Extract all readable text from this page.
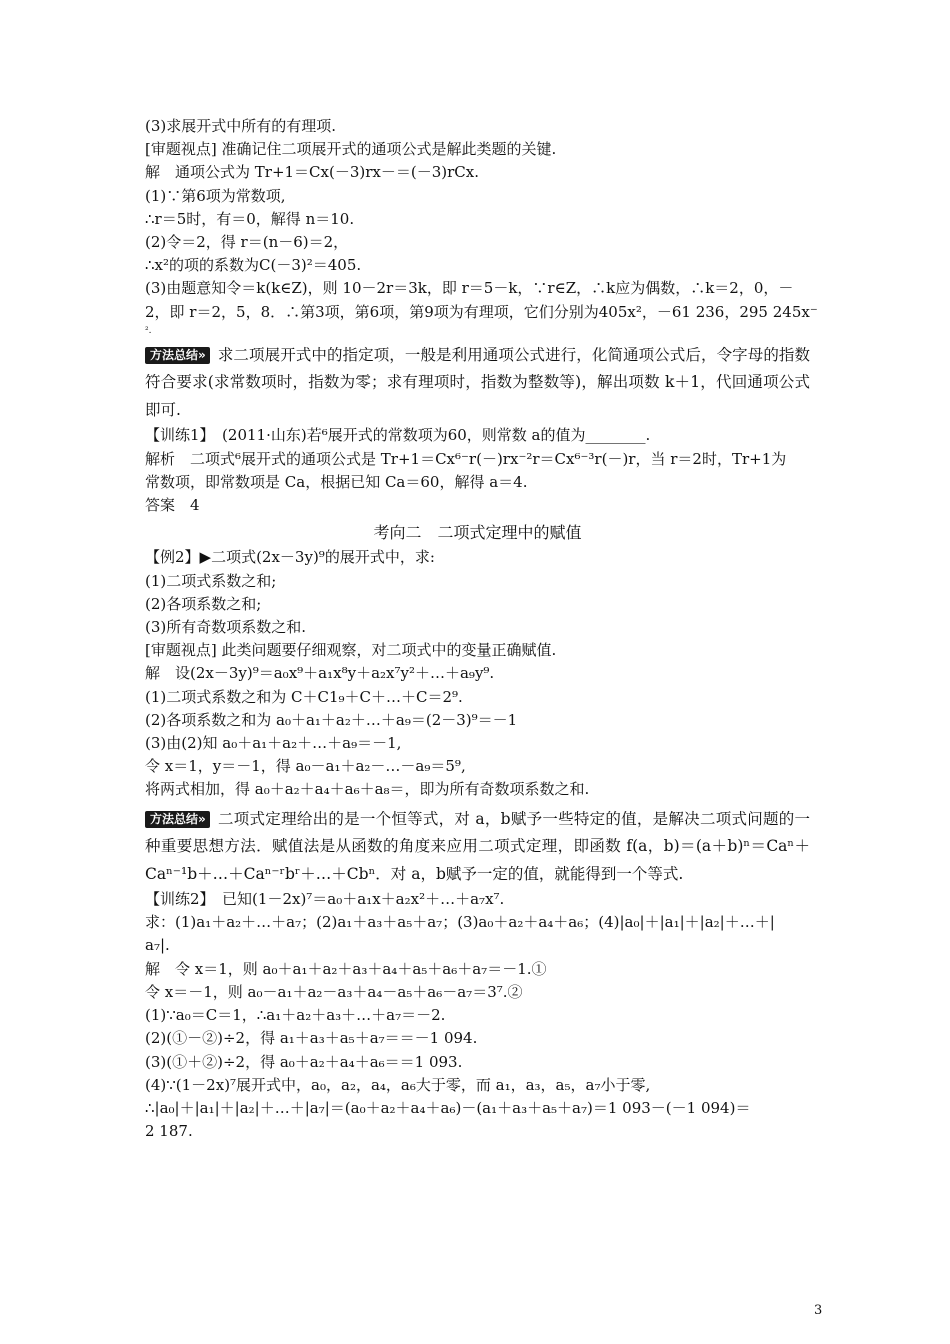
(3)求展开式中所有的有理项.

[审题视点] 准确记住二项展开式的通项公式是解此类题的关键.

解　通项公式为 Tr+1＝Cx(－3)rx－＝(－3)rCx.

(1)∵第6项为常数项,

∴r＝5时，有＝0，解得 n＝10.

(2)令＝2，得 r＝(n－6)＝2，

∴x²的项的系数为C(－3)²＝405.

(3)由题意知令＝k(k∈Z)，则 10－2r＝3k，即 r＝5－k，∵r∈Z，∴k应为偶数，∴k＝2，0，－

2，即 r＝2，5，8．∴第3项，第6项，第9项为有理项，它们分别为405x²，－61 236，295 245x⁻

².

方法总结» 求二项展开式中的指定项，一般是利用通项公式进行，化简通项公式后，令字母的指数符合要求(求常数项时，指数为零；求有理项时，指数为整数等)，解出项数 k＋1，代回通项公式即可.

【训练1】　(2011·山东)若⁶展开式的常数项为60，则常数 a的值为________.

解析　二项式⁶展开式的通项公式是 Tr+1＝Cx⁶⁻r(－)rx⁻²r＝Cx⁶⁻³r(－)r，当 r＝2时，Tr+1为

常数项，即常数项是 Ca，根据已知 Ca＝60，解得 a＝4.

答案　4

考向二　二项式定理中的赋值

【例2】▶二项式(2x－3y)⁹的展开式中，求:

(1)二项式系数之和;

(2)各项系数之和;

(3)所有奇数项系数之和.

[审题视点] 此类问题要仔细观察，对二项式中的变量正确赋值.

解　设(2x－3y)⁹＝a₀x⁹＋a₁x⁸y＋a₂x⁷y²＋…＋a₉y⁹.

(1)二项式系数之和为 C＋C1₉＋C＋…＋C＝2⁹.

(2)各项系数之和为 a₀＋a₁＋a₂＋…＋a₉＝(2－3)⁹＝－1

(3)由(2)知 a₀＋a₁＋a₂＋…＋a₉＝－1,

令 x＝1，y＝－1，得 a₀－a₁＋a₂－…－a₉＝5⁹,

将两式相加，得 a₀＋a₂＋a₄＋a₆＋a₈＝，即为所有奇数项系数之和.

方法总结» 二项式定理给出的是一个恒等式，对 a，b赋予一些特定的值，是解决二项式问题的一种重要思想方法．赋值法是从函数的角度来应用二项式定理，即函数 f(a，b)＝(a＋b)ⁿ＝Caⁿ＋Caⁿ⁻¹b＋…＋Caⁿ⁻ʳbʳ＋…＋Cbⁿ．对 a，b赋予一定的值，就能得到一个等式.

【训练2】　已知(1－2x)⁷＝a₀＋a₁x＋a₂x²＋…＋a₇x⁷.

求：(1)a₁＋a₂＋…＋a₇；(2)a₁＋a₃＋a₅＋a₇；(3)a₀＋a₂＋a₄＋a₆；(4)|a₀|＋|a₁|＋|a₂|＋…＋|

a₇|.

解　令 x＝1，则 a₀＋a₁＋a₂＋a₃＋a₄＋a₅＋a₆＋a₇＝－1.①

令 x＝－1，则 a₀－a₁＋a₂－a₃＋a₄－a₅＋a₆－a₇＝3⁷.②

(1)∵a₀＝C＝1，∴a₁＋a₂＋a₃＋…＋a₇＝－2.

(2)(①－②)÷2，得 a₁＋a₃＋a₅＋a₇＝＝－1 094.

(3)(①＋②)÷2，得 a₀＋a₂＋a₄＋a₆＝＝1 093.

(4)∵(1－2x)⁷展开式中，a₀，a₂，a₄，a₆大于零，而 a₁，a₃，a₅，a₇小于零,

∴|a₀|＋|a₁|＋|a₂|＋…＋|a₇|＝(a₀＋a₂＋a₄＋a₆)－(a₁＋a₃＋a₅＋a₇)＝1 093－(－1 094)＝

2 187.

3
